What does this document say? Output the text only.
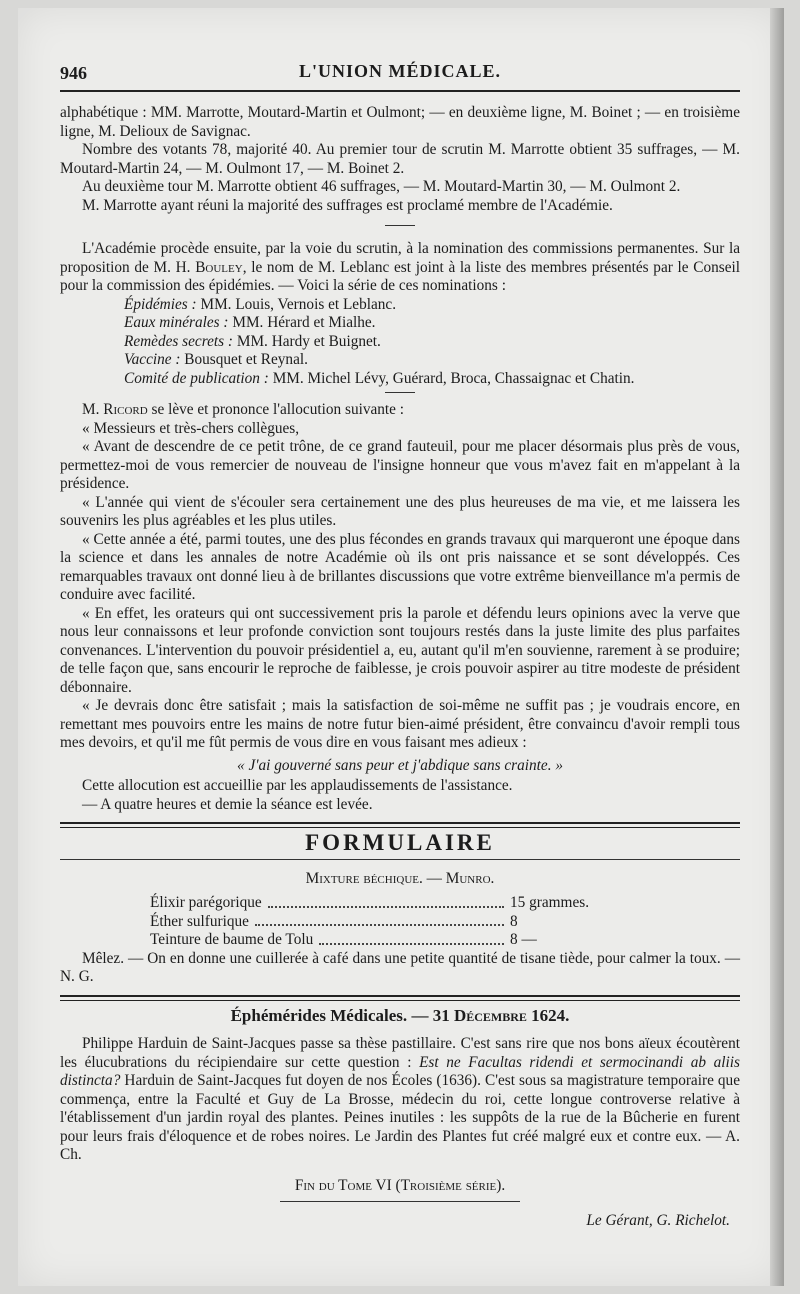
946	L'UNION MÉDICALE.

alphabétique : MM. Marrotte, Moutard-Martin et Oulmont; — en deuxième ligne, M. Boinet ; — en troisième ligne, M. Delioux de Savignac.

Nombre des votants 78, majorité 40. Au premier tour de scrutin M. Marrotte obtient 35 suffrages, — M. Moutard-Martin 24, — M. Oulmont 17, — M. Boinet 2.

Au deuxième tour M. Marrotte obtient 46 suffrages, — M. Moutard-Martin 30, — M. Oulmont 2.

M. Marrotte ayant réuni la majorité des suffrages est proclamé membre de l'Académie.

L'Académie procède ensuite, par la voie du scrutin, à la nomination des commissions permanentes. Sur la proposition de M. H. Bouley, le nom de M. Leblanc est joint à la liste des membres présentés par le Conseil pour la commission des épidémies. — Voici la série de ces nominations :

Épidémies : MM. Louis, Vernois et Leblanc.
Eaux minérales : MM. Hérard et Mialhe.
Remèdes secrets : MM. Hardy et Buignet.
Vaccine : Bousquet et Reynal.
Comité de publication : MM. Michel Lévy, Guérard, Broca, Chassaignac et Chatin.

M. Ricord se lève et prononce l'allocution suivante :

« Messieurs et très-chers collègues,

« Avant de descendre de ce petit trône, de ce grand fauteuil, pour me placer désormais plus près de vous, permettez-moi de vous remercier de nouveau de l'insigne honneur que vous m'avez fait en m'appelant à la présidence.

« L'année qui vient de s'écouler sera certainement une des plus heureuses de ma vie, et me laissera les souvenirs les plus agréables et les plus utiles.

« Cette année a été, parmi toutes, une des plus fécondes en grands travaux qui marqueront une époque dans la science et dans les annales de notre Académie où ils ont pris naissance et se sont développés. Ces remarquables travaux ont donné lieu à de brillantes discussions que votre extrême bienveillance m'a permis de conduire avec facilité.

« En effet, les orateurs qui ont successivement pris la parole et défendu leurs opinions avec la verve que nous leur connaissons et leur profonde conviction sont toujours restés dans la juste limite des plus parfaites convenances. L'intervention du pouvoir présidentiel a, eu, autant qu'il m'en souvienne, rarement à se produire; de telle façon que, sans encourir le reproche de faiblesse, je crois pouvoir aspirer au titre modeste de président débonnaire.

« Je devrais donc être satisfait ; mais la satisfaction de soi-même ne suffit pas ; je voudrais encore, en remettant mes pouvoirs entre les mains de notre futur bien-aimé président, être convaincu d'avoir rempli tous mes devoirs, et qu'il me fût permis de vous dire en vous faisant mes adieux :

« J'ai gouverné sans peur et j'abdique sans crainte. »

Cette allocution est accueillie par les applaudissements de l'assistance.

— A quatre heures et demie la séance est levée.

FORMULAIRE
Mixture béchique. — Munro.
Élixir parégorique	15 grammes.
Éther sulfurique	8
Teinture de baume de Tolu	8 —

Mêlez. — On en donne une cuillerée à café dans une petite quantité de tisane tiède, pour calmer la toux. — N. G.

Éphémérides Médicales. — 31 Décembre 1624.

Philippe Harduin de Saint-Jacques passe sa thèse pastillaire. C'est sans rire que nos bons aïeux écoutèrent les élucubrations du récipiendaire sur cette question : Est ne Facultas ridendi et sermocinandi ab aliis distincta? Harduin de Saint-Jacques fut doyen de nos Écoles (1636). C'est sous sa magistrature temporaire que commença, entre la Faculté et Guy de La Brosse, médecin du roi, cette longue controverse relative à l'établissement d'un jardin royal des plantes. Peines inutiles : les suppôts de la rue de la Bûcherie en furent pour leurs frais d'éloquence et de robes noires. Le Jardin des Plantes fut créé malgré eux et contre eux. — A. Ch.

Fin du Tome VI (Troisième série).
Le Gérant, G. Richelot.
